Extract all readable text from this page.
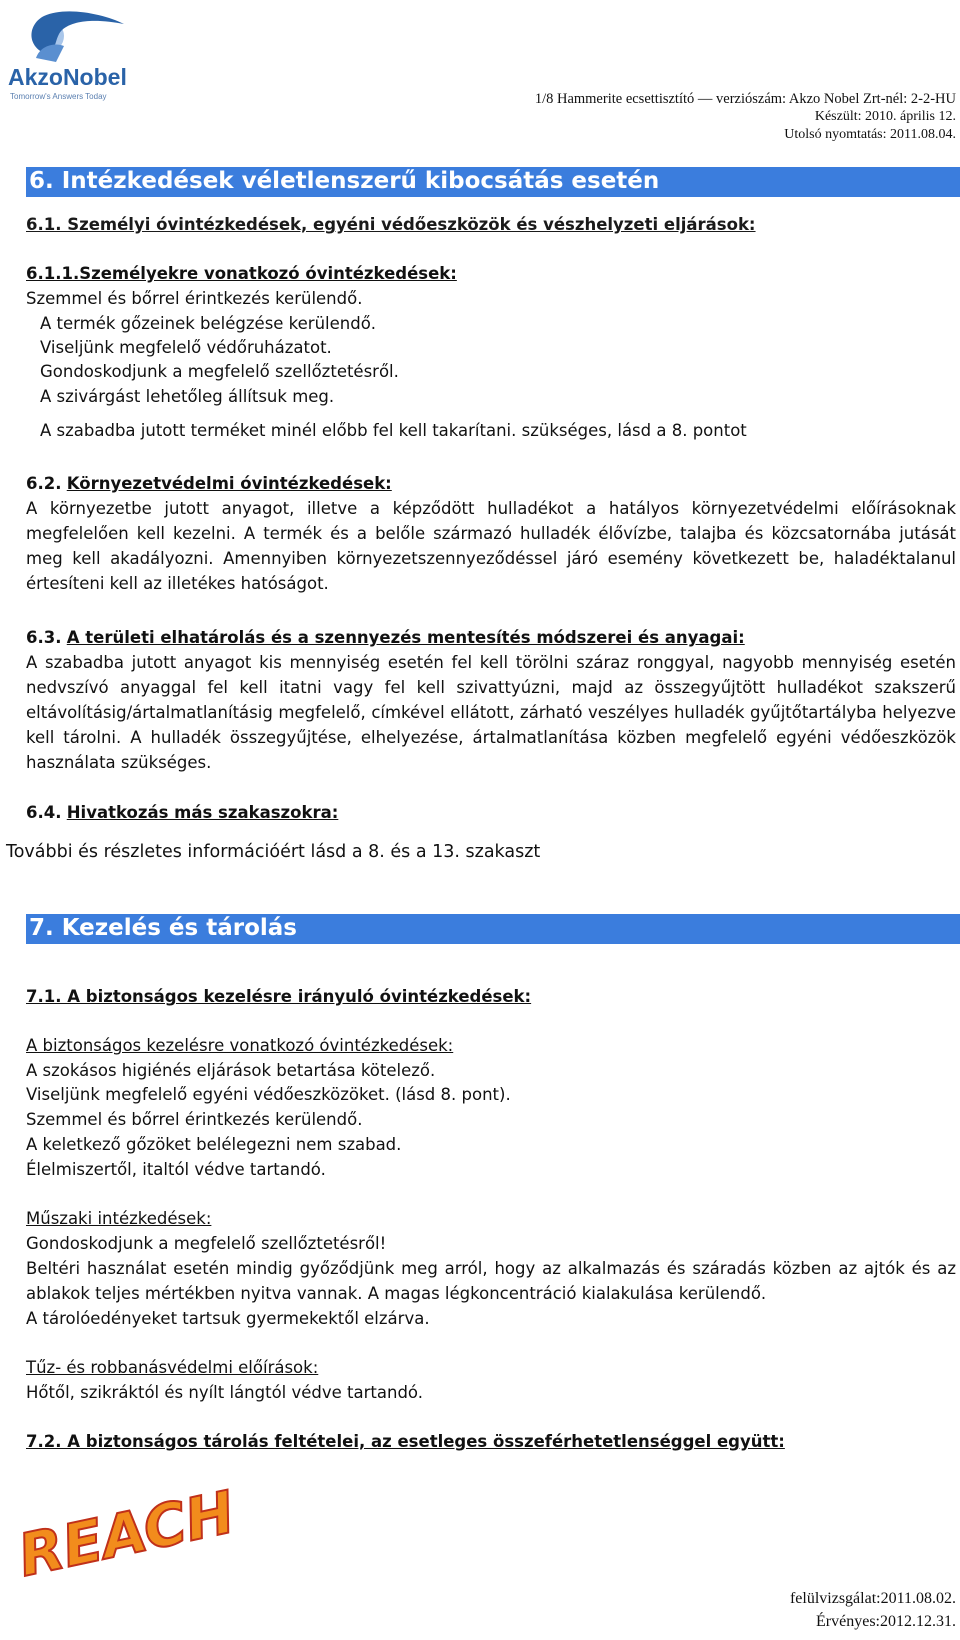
AkzoNobel
Tomorrow's Answers Today	1/8 Hammerite ecsettisztító — verziószám: Akzo Nobel Zrt-nél: 2-2-HU
Készült: 2010. április 12.
Utolsó nyomtatás: 2011.08.04.
6. Intézkedések véletlenszerű kibocsátás esetén
6.1. Személyi óvintézkedések, egyéni védőeszközök és vészhelyzeti eljárások:
6.1.1.Személyekre vonatkozó óvintézkedések:
Szemmel és bőrrel érintkezés kerülendő.
A termék gőzeinek belégzése kerülendő.
Viseljünk megfelelő védőruházatot.
Gondoskodjunk a megfelelő szellőztetésről.
A szivárgást lehetőleg állítsuk meg.
A szabadba jutott terméket minél előbb fel kell takarítani. szükséges, lásd a 8. pontot
6.2. Környezetvédelmi óvintézkedések:
A környezetbe jutott anyagot, illetve a képződött hulladékot a hatályos környezetvédelmi előírásoknak megfelelően kell kezelni. A termék és a belőle származó hulladék élővízbe, talajba és közcsatornába jutását meg kell akadályozni. Amennyiben környezetszennyeződéssel járó esemény következett be, haladéktalanul értesíteni kell az illetékes hatóságot.
6.3. A területi elhatárolás és a szennyezés mentesítés módszerei és anyagai:
A szabadba jutott anyagot kis mennyiség esetén fel kell törölni száraz ronggyal, nagyobb mennyiség esetén nedvszívó anyaggal fel kell itatni vagy fel kell szivattyúzni, majd az összegyűjtött hulladékot szakszerű eltávolításig/ártalmatlanításig megfelelő, címkével ellátott, zárható veszélyes hulladék gyűjtőtartályba helyezve kell tárolni. A hulladék összegyűjtése, elhelyezése, ártalmatlanítása közben megfelelő egyéni védőeszközök használata szükséges.
6.4. Hivatkozás más szakaszokra:
További és részletes információért lásd a 8. és a 13. szakaszt
7. Kezelés és tárolás
7.1. A biztonságos kezelésre irányuló óvintézkedések:
A biztonságos kezelésre vonatkozó óvintézkedések:
A szokásos higiénés eljárások betartása kötelező.
Viseljünk megfelelő egyéni védőeszközöket. (lásd 8. pont).
Szemmel és bőrrel érintkezés kerülendő.
A keletkező gőzöket belélegezni nem szabad.
Élelmiszertől, italtól védve tartandó.
Műszaki intézkedések:
Gondoskodjunk a megfelelő szellőztetésről!
Beltéri használat esetén mindig győződjünk meg arról, hogy az alkalmazás és száradás közben az ajtók és az ablakok teljes mértékben nyitva vannak. A magas légkoncentráció kialakulása kerülendő.
A tárolóedényeket tartsuk gyermekektől elzárva.
Tűz- és robbanásvédelmi előírások:
Hőtől, szikráktól és nyílt lángtól védve tartandó.
7.2. A biztonságos tárolás feltételei, az esetleges összeférhetetlenséggel együtt:
REACH
felülvizsgálat:2011.08.02.
Érvényes:2012.12.31.
